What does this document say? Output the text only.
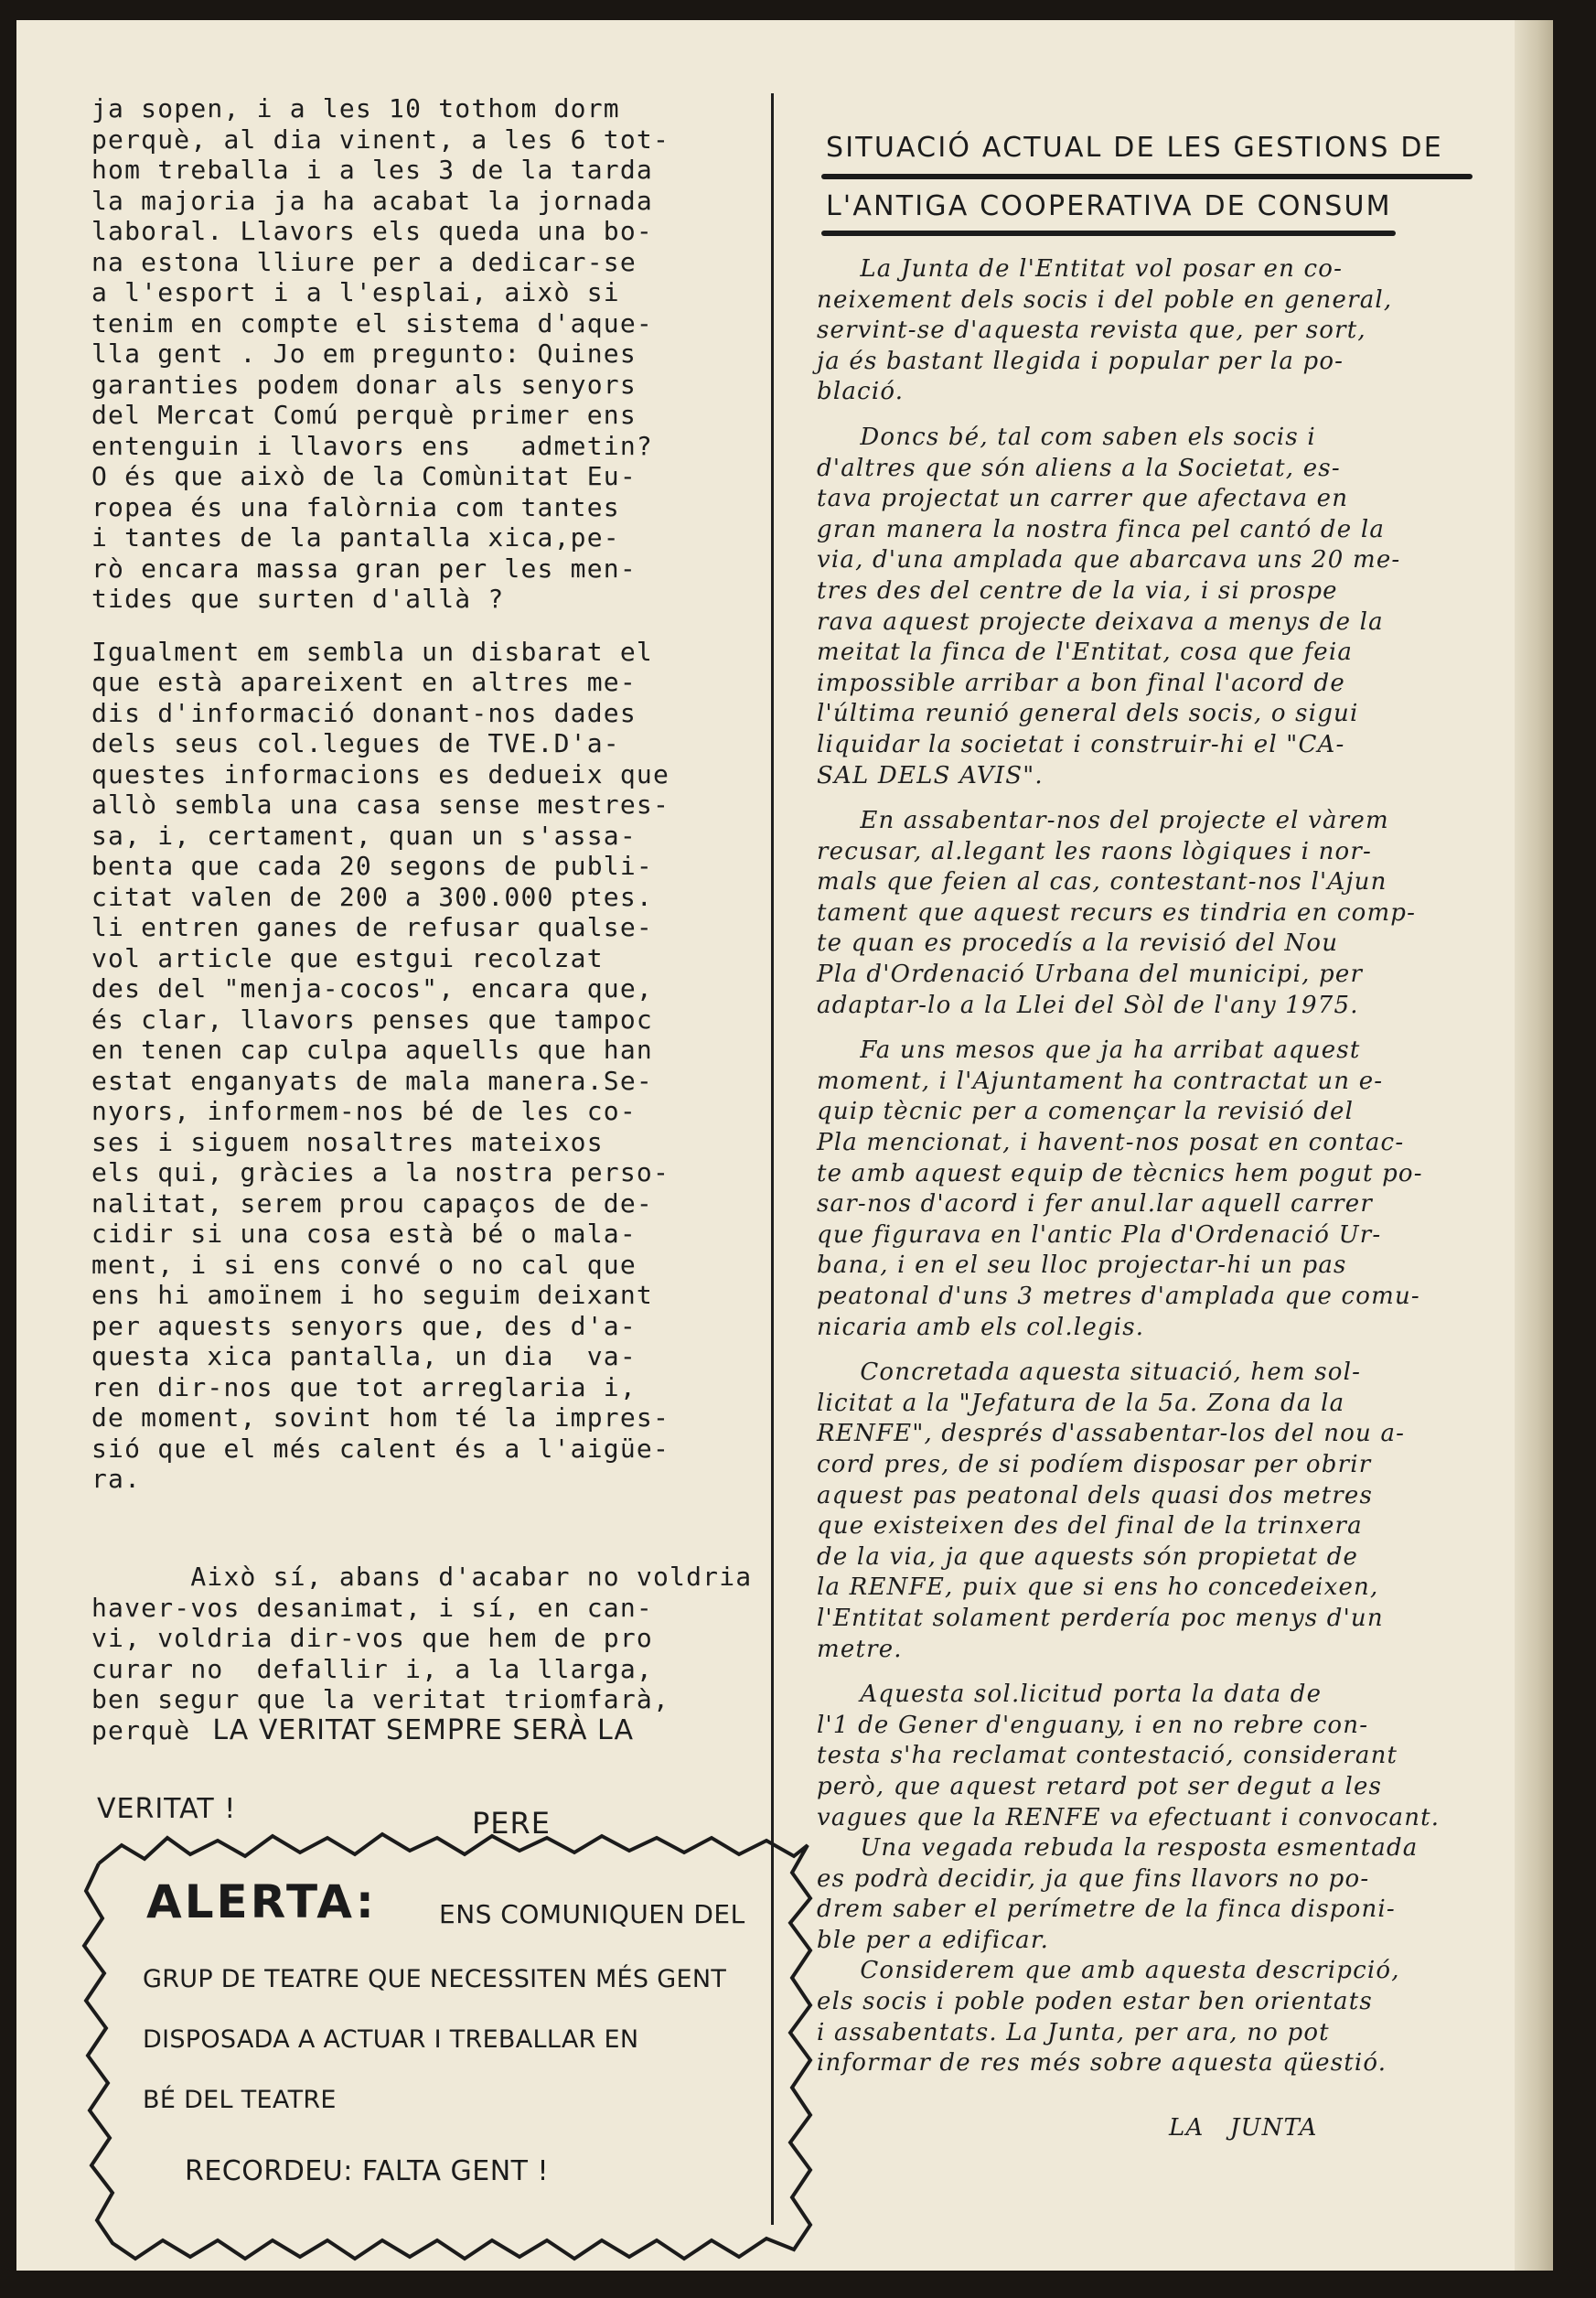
ja sopen, i a les 10 tothom dorm
perquè, al dia vinent, a les 6 tot-
hom treballa i a les 3 de la tarda
la majoria ja ha acabat la jornada
laboral. Llavors els queda una bo-
na estona lliure per a dedicar-se
a l'esport i a l'esplai, això si
tenim en compte el sistema d'aque-
lla gent . Jo em pregunto: Quines
garanties podem donar als senyors
del Mercat Comú perquè primer ens
entenguin i llavors ens   admetin?
O és que això de la Comùnitat Eu-
ropea és una falòrnia com tantes
i tantes de la pantalla xica,pe-
rò encara massa gran per les men-
tides que surten d'allà ?
Igualment em sembla un disbarat el
que està apareixent en altres me-
dis d'informació donant-nos dades
dels seus col.legues de TVE.D'a-
questes informacions es dedueix que
allò sembla una casa sense mestres-
sa, i, certament, quan un s'assa-
benta que cada 20 segons de publi-
citat valen de 200 a 300.000 ptes.
li entren ganes de refusar qualse-
vol article que estgui recolzat
des del "menja-cocos", encara que,
és clar, llavors penses que tampoc
en tenen cap culpa aquells que han
estat enganyats de mala manera.Se-
nyors, informem-nos bé de les co-
ses i siguem nosaltres mateixos
els qui, gràcies a la nostra perso-
nalitat, serem prou capaços de de-
cidir si una cosa està bé o mala-
ment, i si ens convé o no cal que
ens hi amoïnem i ho seguim deixant
per aquests senyors que, des d'a-
questa xica pantalla, un dia  va-
ren dir-nos que tot arreglaria i,
de moment, sovint hom té la impres-
sió que el més calent és a l'aigüe-
ra.

Això sí, abans d'acabar no voldria
haver-vos desanimat, i sí, en can-
vi, voldria dir-vos que hem de pro
curar no  defallir i, a la llarga,
ben segur que la veritat triomfarà,
perquè LA VERITAT SEMPRE SERÀ LA

VERITAT !	PERE
SITUACIÓ ACTUAL DE LES GESTIONS DE
L'ANTIGA COOPERATIVA DE CONSUM
La Junta de l'Entitat vol posar en co-
neixement dels socis i del poble en general,
servint-se d'aquesta revista que, per sort,
ja és bastant llegida i popular per la po-
blació.
Doncs bé, tal com saben els socis i
d'altres que són aliens a la Societat, es-
tava projectat un carrer que afectava en
gran manera la nostra finca pel cantó de la
via, d'una amplada que abarcava uns 20 me-
tres des del centre de la via, i si prospe
rava aquest projecte deixava a menys de la
meitat la finca de l'Entitat, cosa que feia
impossible arribar a bon final l'acord de
l'última reunió general dels socis, o sigui
liquidar la societat i construir-hi el "CA-
SAL DELS AVIS".
En assabentar-nos del projecte el vàrem
recusar, al.legant les raons lògiques i nor-
mals que feien al cas, contestant-nos l'Ajun
tament que aquest recurs es tindria en comp-
te quan es procedís a la revisió del Nou
Pla d'Ordenació Urbana del municipi, per
adaptar-lo a la Llei del Sòl de l'any 1975.
Fa uns mesos que ja ha arribat aquest
moment, i l'Ajuntament ha contractat un e-
quip tècnic per a començar la revisió del
Pla mencionat, i havent-nos posat en contac-
te amb aquest equip de tècnics hem pogut po-
sar-nos d'acord i fer anul.lar aquell carrer
que figurava en l'antic Pla d'Ordenació Ur-
bana, i en el seu lloc projectar-hi un pas
peatonal d'uns 3 metres d'amplada que comu-
nicaria amb els col.legis.
Concretada aquesta situació, hem sol-
licitat a la "Jefatura de la 5a. Zona da la
RENFE", després d'assabentar-los del nou a-
cord pres, de si podíem disposar per obrir
aquest pas peatonal dels quasi dos metres
que existeixen des del final de la trinxera
de la via, ja que aquests són propietat de
la RENFE, puix que si ens ho concedeixen,
l'Entitat solament perdería poc menys d'un
metre.
Aquesta sol.licitud porta la data de
l'1 de Gener d'enguany, i en no rebre con-
testa s'ha reclamat contestació, considerant
però, que aquest retard pot ser degut a les
vagues que la RENFE va efectuant i convocant.
Una vegada rebuda la resposta esmentada
es podrà decidir, ja que fins llavors no po-
drem saber el perímetre de la finca disponi-
ble per a edificar.
Considerem que amb aquesta descripció,
els socis i poble poden estar ben orientats
i assabentats. La Junta, per ara, no pot
informar de res més sobre aquesta qüestió.
LA   JUNTA
ALERTA: ENS COMUNIQUEN DEL
GRUP DE TEATRE QUE NECESSITEN MÉS GENT
DISPOSADA A ACTUAR I TREBALLAR EN
BÉ DEL TEATRE
RECORDEU: FALTA GENT !
